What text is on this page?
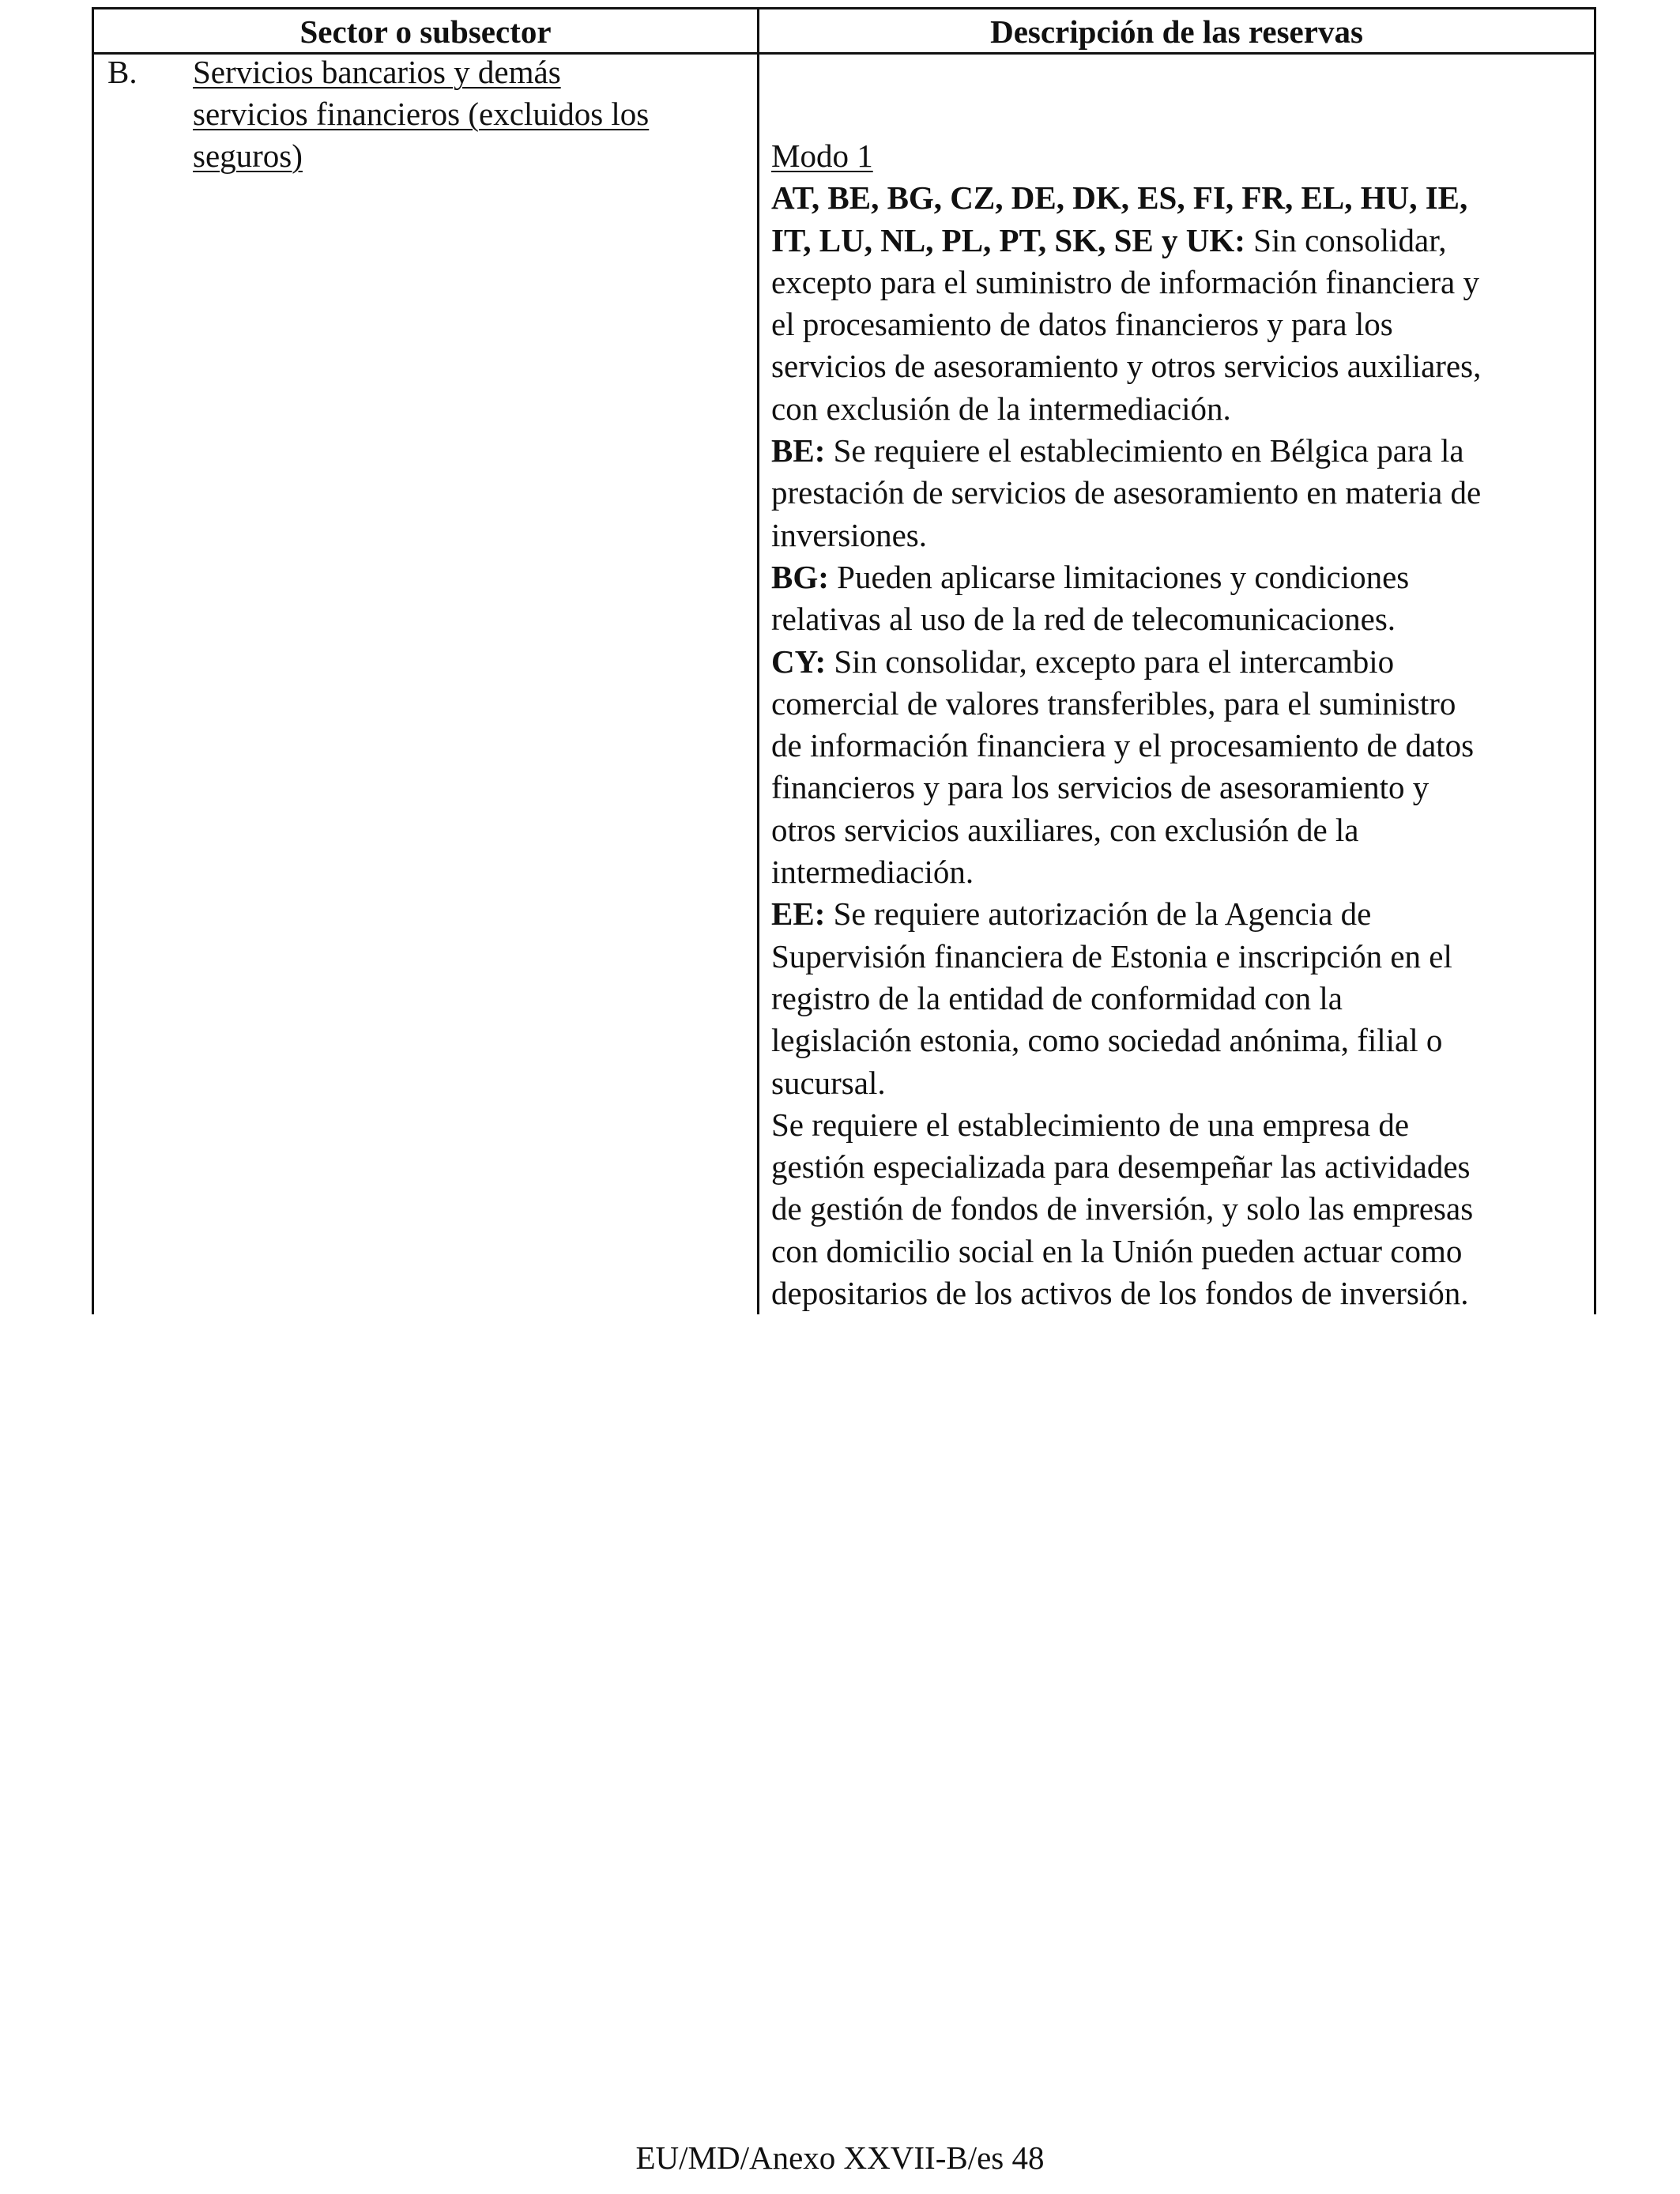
Sector o subsector	Descripción de las reservas
B. Servicios bancarios y demás
servicios financieros (excluidos los
seguros)	Modo 1
AT, BE, BG, CZ, DE, DK, ES, FI, FR, EL, HU, IE,
IT, LU, NL, PL, PT, SK, SE y UK: Sin consolidar,
excepto para el suministro de información financiera y
el procesamiento de datos financieros y para los
servicios de asesoramiento y otros servicios auxiliares,
con exclusión de la intermediación.
BE: Se requiere el establecimiento en Bélgica para la
prestación de servicios de asesoramiento en materia de
inversiones.
BG: Pueden aplicarse limitaciones y condiciones
relativas al uso de la red de telecomunicaciones.
CY: Sin consolidar, excepto para el intercambio
comercial de valores transferibles, para el suministro
de información financiera y el procesamiento de datos
financieros y para los servicios de asesoramiento y
otros servicios auxiliares, con exclusión de la
intermediación.
EE: Se requiere autorización de la Agencia de
Supervisión financiera de Estonia e inscripción en el
registro de la entidad de conformidad con la
legislación estonia, como sociedad anónima, filial o
sucursal.
Se requiere el establecimiento de una empresa de
gestión especializada para desempeñar las actividades
de gestión de fondos de inversión, y solo las empresas
con domicilio social en la Unión pueden actuar como
depositarios de los activos de los fondos de inversión.
EU/MD/Anexo XXVII-B/es 48
